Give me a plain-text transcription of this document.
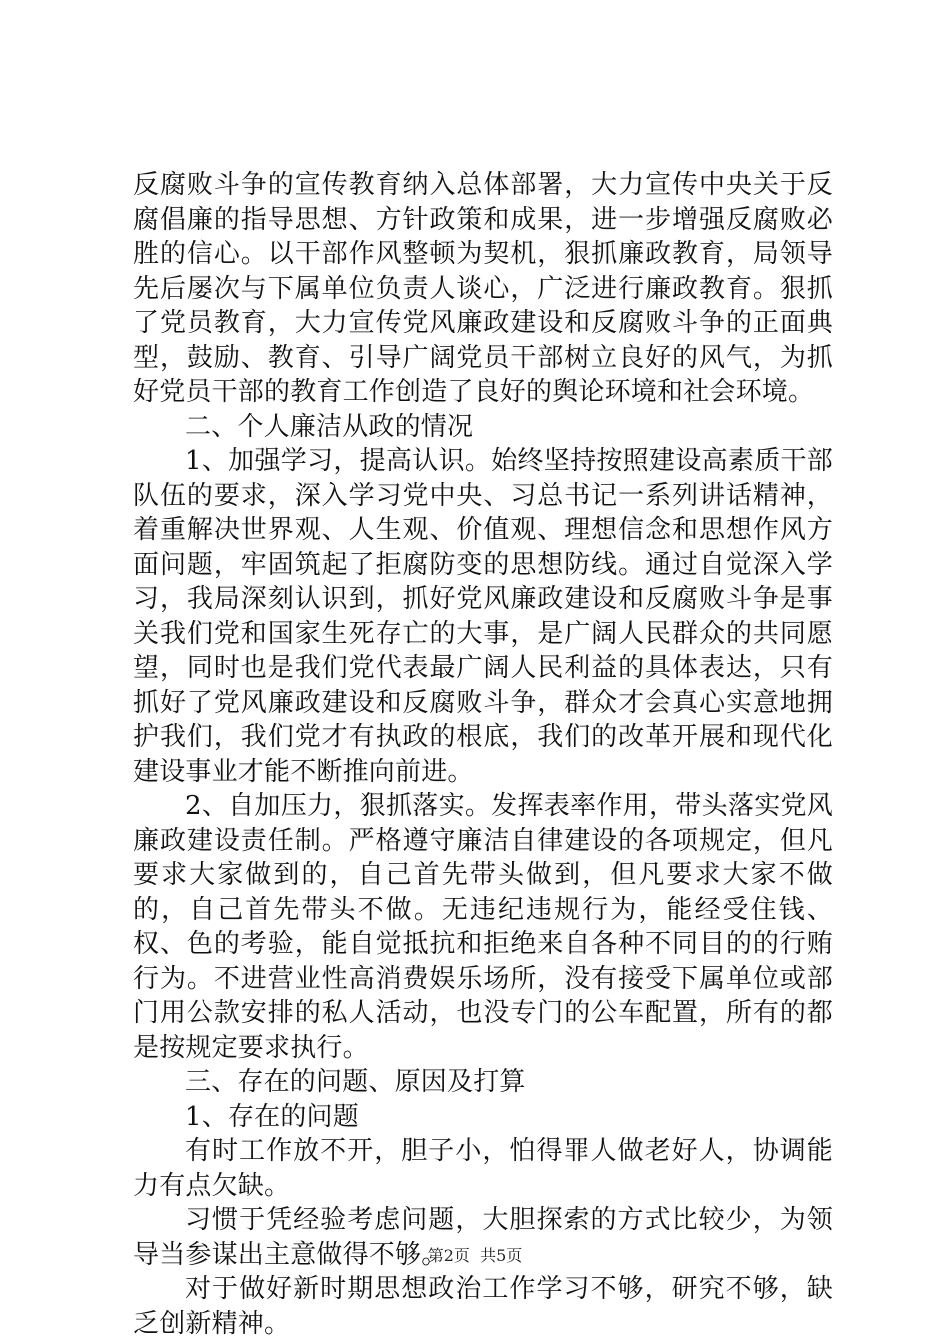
反腐败斗争的宣传教育纳入总体部署，大力宣传中央关于反腐倡廉的指导思想、方针政策和成果，进一步增强反腐败必胜的信心。以干部作风整顿为契机，狠抓廉政教育，局领导先后屡次与下属单位负责人谈心，广泛进行廉政教育。狠抓了党员教育，大力宣传党风廉政建设和反腐败斗争的正面典型，鼓励、教育、引导广阔党员干部树立良好的风气，为抓好党员干部的教育工作创造了良好的舆论环境和社会环境。

二、个人廉洁从政的情况

1、加强学习，提高认识。始终坚持按照建设高素质干部队伍的要求，深入学习党中央、习总书记一系列讲话精神，着重解决世界观、人生观、价值观、理想信念和思想作风方面问题，牢固筑起了拒腐防变的思想防线。通过自觉深入学习，我局深刻认识到，抓好党风廉政建设和反腐败斗争是事关我们党和国家生死存亡的大事，是广阔人民群众的共同愿望，同时也是我们党代表最广阔人民利益的具体表达，只有抓好了党风廉政建设和反腐败斗争，群众才会真心实意地拥护我们，我们党才有执政的根底，我们的改革开展和现代化建设事业才能不断推向前进。

2、自加压力，狠抓落实。发挥表率作用，带头落实党风廉政建设责任制。严格遵守廉洁自律建设的各项规定，但凡要求大家做到的，自己首先带头做到，但凡要求大家不做的，自己首先带头不做。无违纪违规行为，能经受住钱、权、色的考验，能自觉抵抗和拒绝来自各种不同目的的行贿行为。不进营业性高消费娱乐场所，没有接受下属单位或部门用公款安排的私人活动，也没专门的公车配置，所有的都是按规定要求执行。

三、存在的问题、原因及打算

1、存在的问题

有时工作放不开，胆子小，怕得罪人做老好人，协调能力有点欠缺。

习惯于凭经验考虑问题，大胆探索的方式比较少，为领导当参谋出主意做得不够。

对于做好新时期思想政治工作学习不够，研究不够，缺乏创新精神。

第2页  共5页
